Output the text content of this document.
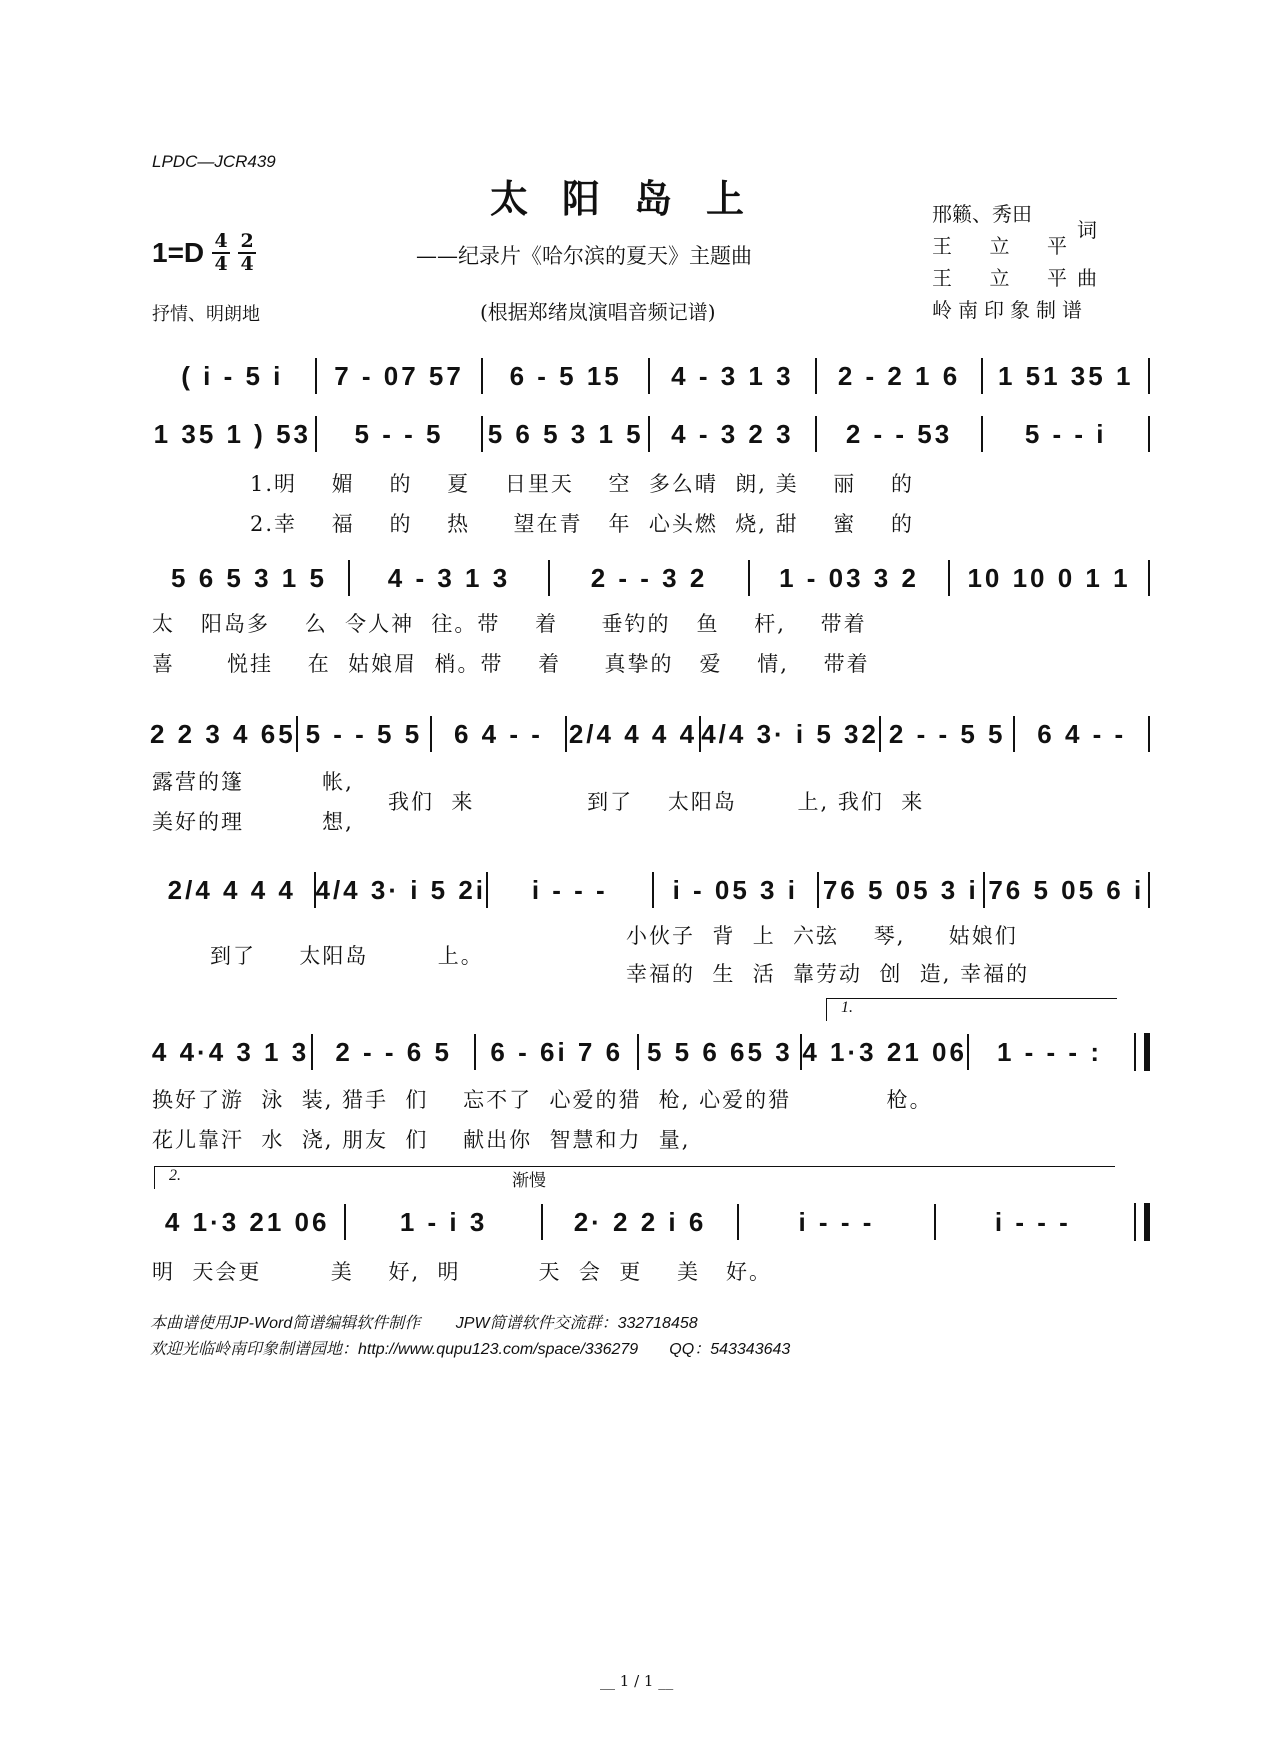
LPDC—JCR439
太阳岛上
$1=D \frac{4}{4} \frac{2}{4}$	——纪录片《哈尔滨的夏天》主题曲
(根据郑绪岚演唱音频记谱)
抒情、明朗地
邢籁、秀田
王 立 平
词
王 立 平 曲
岭南印象制谱
( i - 5 i	7 - 07 57	6 - 5 15	4 - 3 1 3	2 - 2 1 6	1 51 35 1
1 35 1 ) 53	5 - - 5	5 6 5 3 1 5	4 - 3 2 3	2 - - 53	5 - - i
1.明    媚    的    夏    日里天    空  多么晴  朗, 美    丽    的
2.幸    福    的    热     望在青   年  心头燃  烧, 甜    蜜    的
5 6 5 3 1 5	4 - 3 1 3	2 - - 3 2	1 - 03 3 2	10 10 0 1 1
太   阳岛多    么  令人神  往。带    着     垂钓的   鱼    杆,    带着
喜      悦挂    在  姑娘眉  梢。带    着     真挚的   爱    情,    带着
2 2 3 4 65 5 - - 5 5	6 4 - - 2/4 4 4 4 4/4 3· i 5 32 2 - - 5 5	6 4 - -
露营的篷         帐,
美好的理         想,
我们  来             到了    太阳岛       上, 我们  来
2/4 4 4 4 4/4 3· i 5 2i	i - - -	i - 05 3 i 76 5 05 3 i 76 5 05 6 i
到了     太阳岛        上。
小伙子  背  上  六弦    琴,     姑娘们
幸福的  生  活  靠劳动  创  造, 幸福的
1.
4 4·4 3 1 3	2 - - 6 5	6 - 6i 7 6 5 5 6 65 3 4 1·3 21 06	1 - - - :
换好了游  泳  装, 猎手  们    忘不了  心爱的猎  枪, 心爱的猎           枪。
花儿靠汗  水  浇, 朋友  们    献出你  智慧和力  量,
2.	渐慢
4 1·3 21 06	1 - i 3	2· 2 2 i 6	i - - -	i - - -
明  天会更        美    好,  明         天  会  更    美   好。
本曲谱使用JP-Word简谱编辑软件制作        JPW简谱软件交流群：332718458
欢迎光临岭南印象制谱园地：http://www.qupu123.com/space/336279       QQ：543343643
__ 1 / 1 __
